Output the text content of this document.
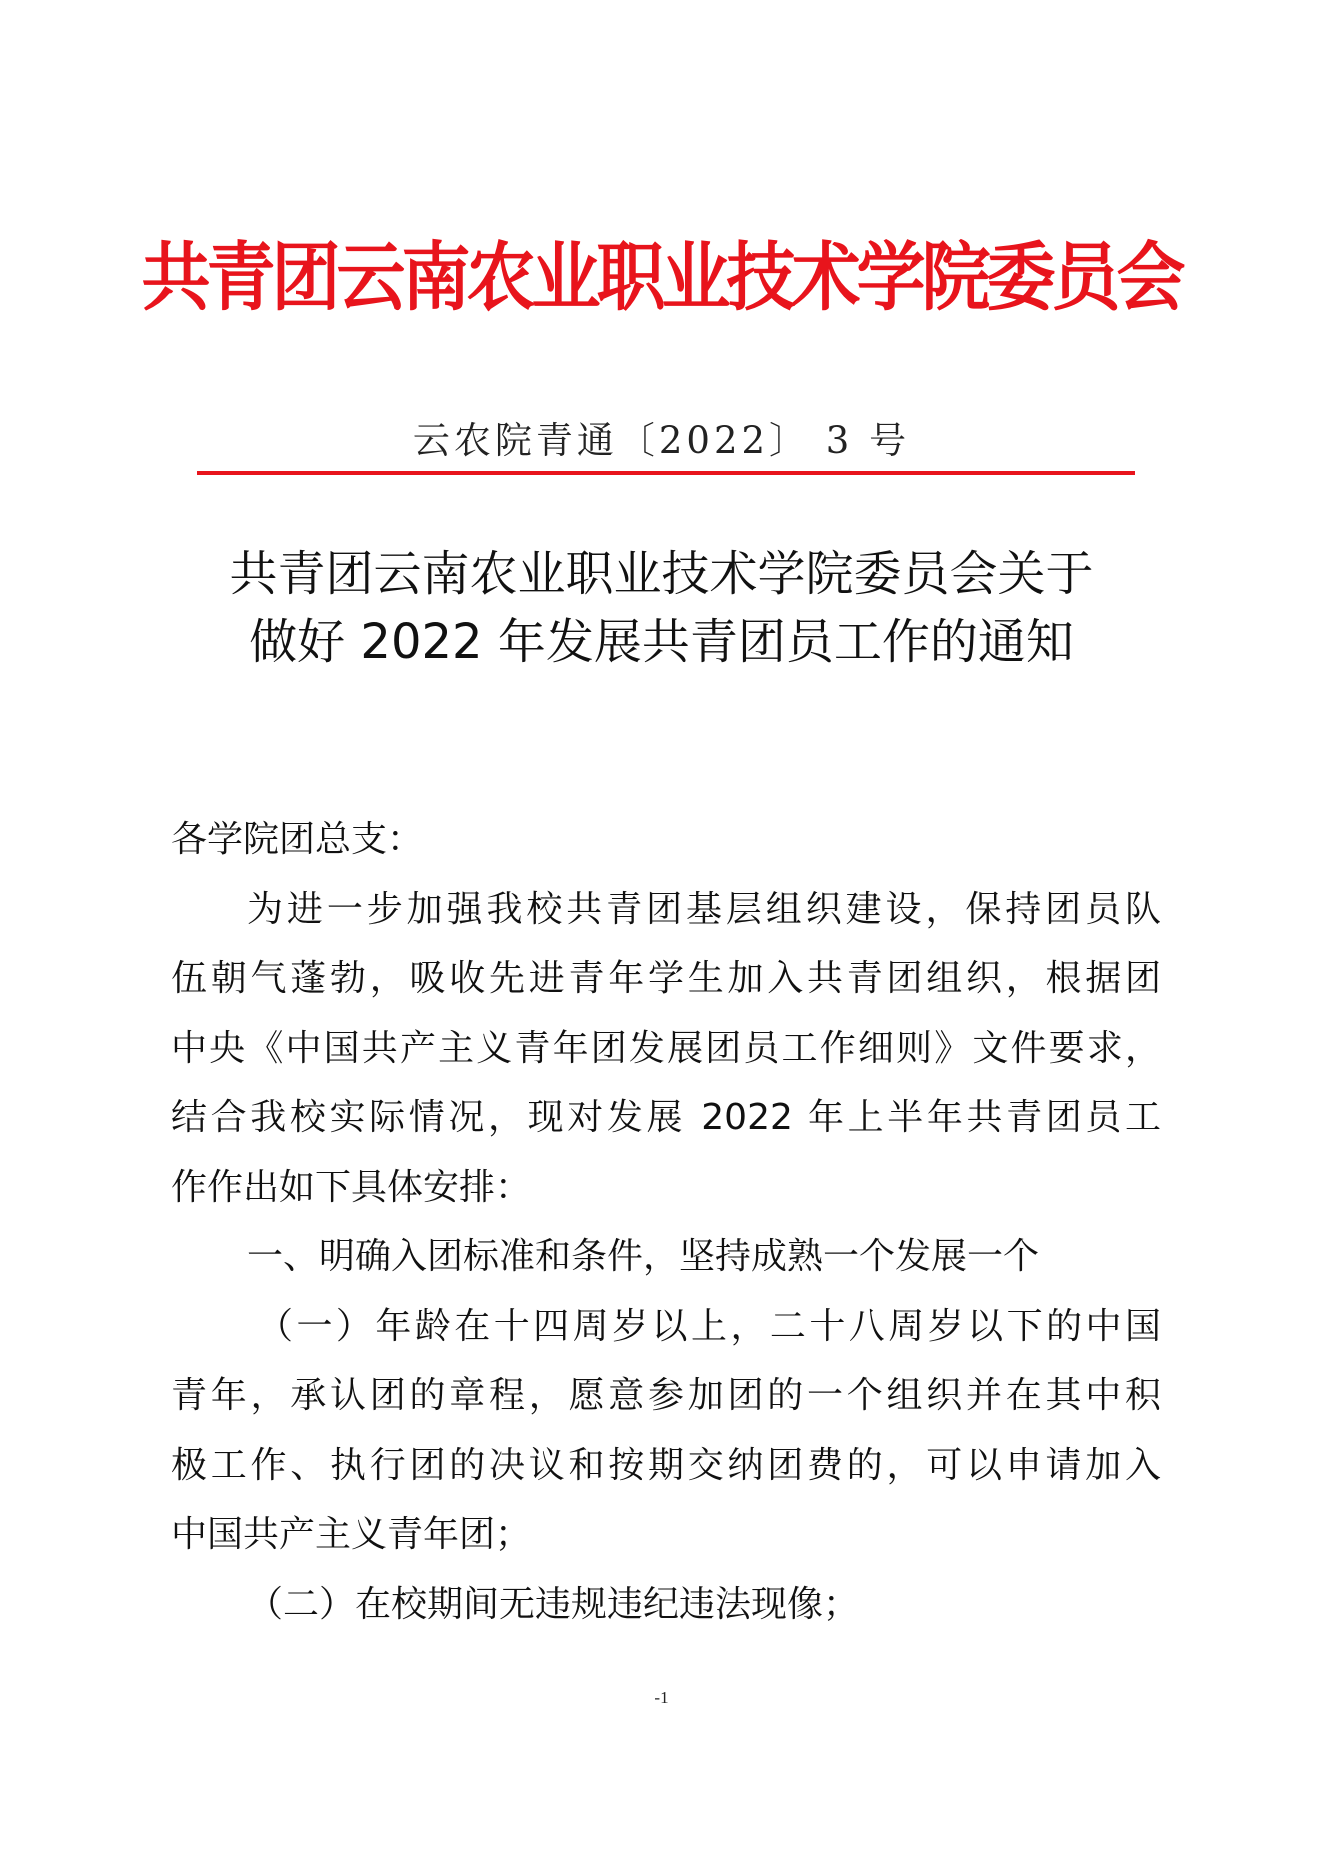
共青团云南农业职业技术学院委员会
云农院青通〔2022〕 3 号
共青团云南农业职业技术学院委员会关于
做好 2022 年发展共青团员工作的通知
各学院团总支：
为进一步加强我校共青团基层组织建设，保持团员队
伍朝气蓬勃，吸收先进青年学生加入共青团组织，根据团
中央《中国共产主义青年团发展团员工作细则》文件要求，
结合我校实际情况，现对发展 2022 年上半年共青团员工
作作出如下具体安排：
一、明确入团标准和条件，坚持成熟一个发展一个
（一）年龄在十四周岁以上，二十八周岁以下的中国
青年，承认团的章程，愿意参加团的一个组织并在其中积
极工作、执行团的决议和按期交纳团费的，可以申请加入
中国共产主义青年团；
（二）在校期间无违规违纪违法现像；
-1
